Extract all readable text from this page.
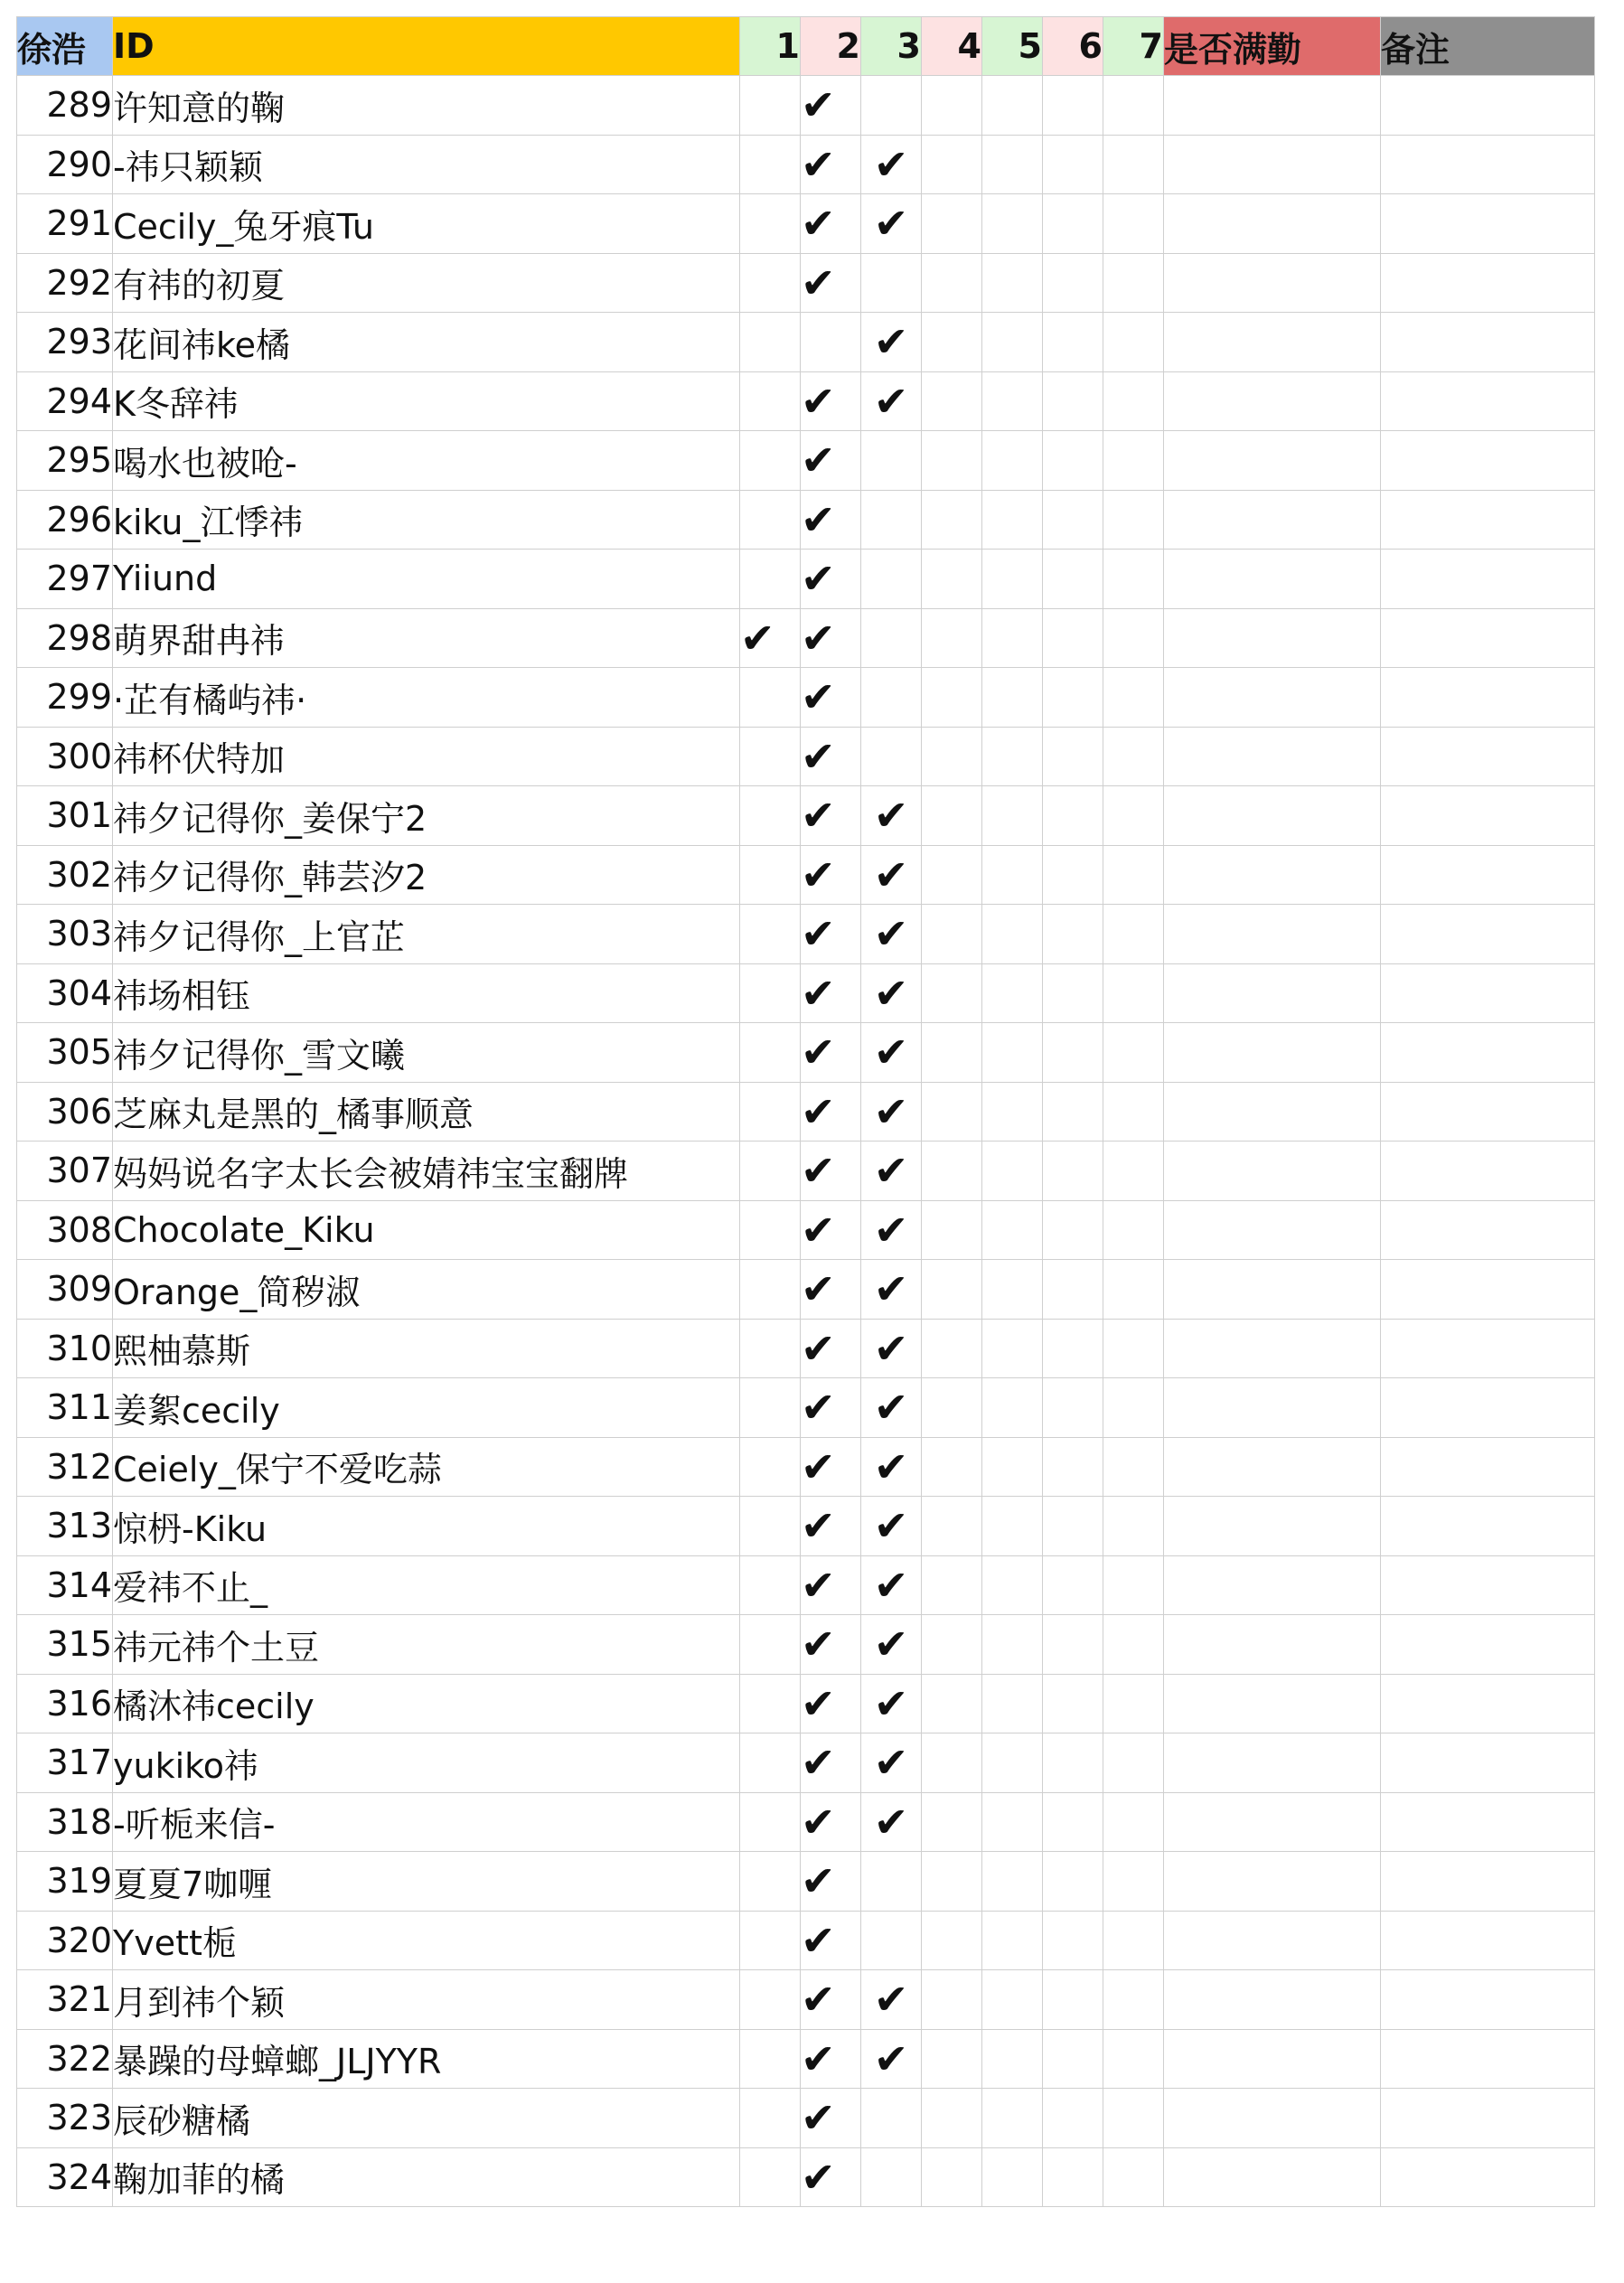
徐浩	ID	1	2	3	4	5	6	7	是否满勤	备注
289	许知意的鞠		✔							
290	-祎只颖颖		✔	✔						
291	Cecily_兔牙痕Tu		✔	✔						
292	有祎的初夏		✔							
293	花间祎ke橘			✔						
294	K冬辞祎		✔	✔						
295	喝水也被呛-		✔							
296	kiku_江悸祎		✔							
297	Yiiund		✔							
298	萌界甜冉祎	✔	✔							
299	·芷有橘屿祎·		✔							
300	祎杯伏特加		✔							
301	祎夕记得你_姜保宁2		✔	✔						
302	祎夕记得你_韩芸汐2		✔	✔						
303	祎夕记得你_上官芷		✔	✔						
304	祎场相钰		✔	✔						
305	祎夕记得你_雪文曦		✔	✔						
306	芝麻丸是黑的_橘事顺意		✔	✔						
307	妈妈说名字太长会被婧祎宝宝翻牌		✔	✔						
308	Chocolate_Kiku		✔	✔						
309	Orange_简秽淑		✔	✔						
310	熙柚慕斯		✔	✔						
311	姜絮cecily		✔	✔						
312	Ceiely_保宁不爱吃蒜		✔	✔						
313	惊枬-Kiku		✔	✔						
314	爱祎不止_		✔	✔						
315	祎元祎个土豆		✔	✔						
316	橘沐祎cecily		✔	✔						
317	yukiko祎		✔	✔						
318	-听栀来信-		✔	✔						
319	夏夏7咖喱		✔							
320	Yvett栀		✔							
321	月到祎个颖		✔	✔						
322	暴躁的母蟑螂_JLJYYR		✔	✔						
323	辰砂糖橘		✔							
324	鞠加菲的橘		✔							
